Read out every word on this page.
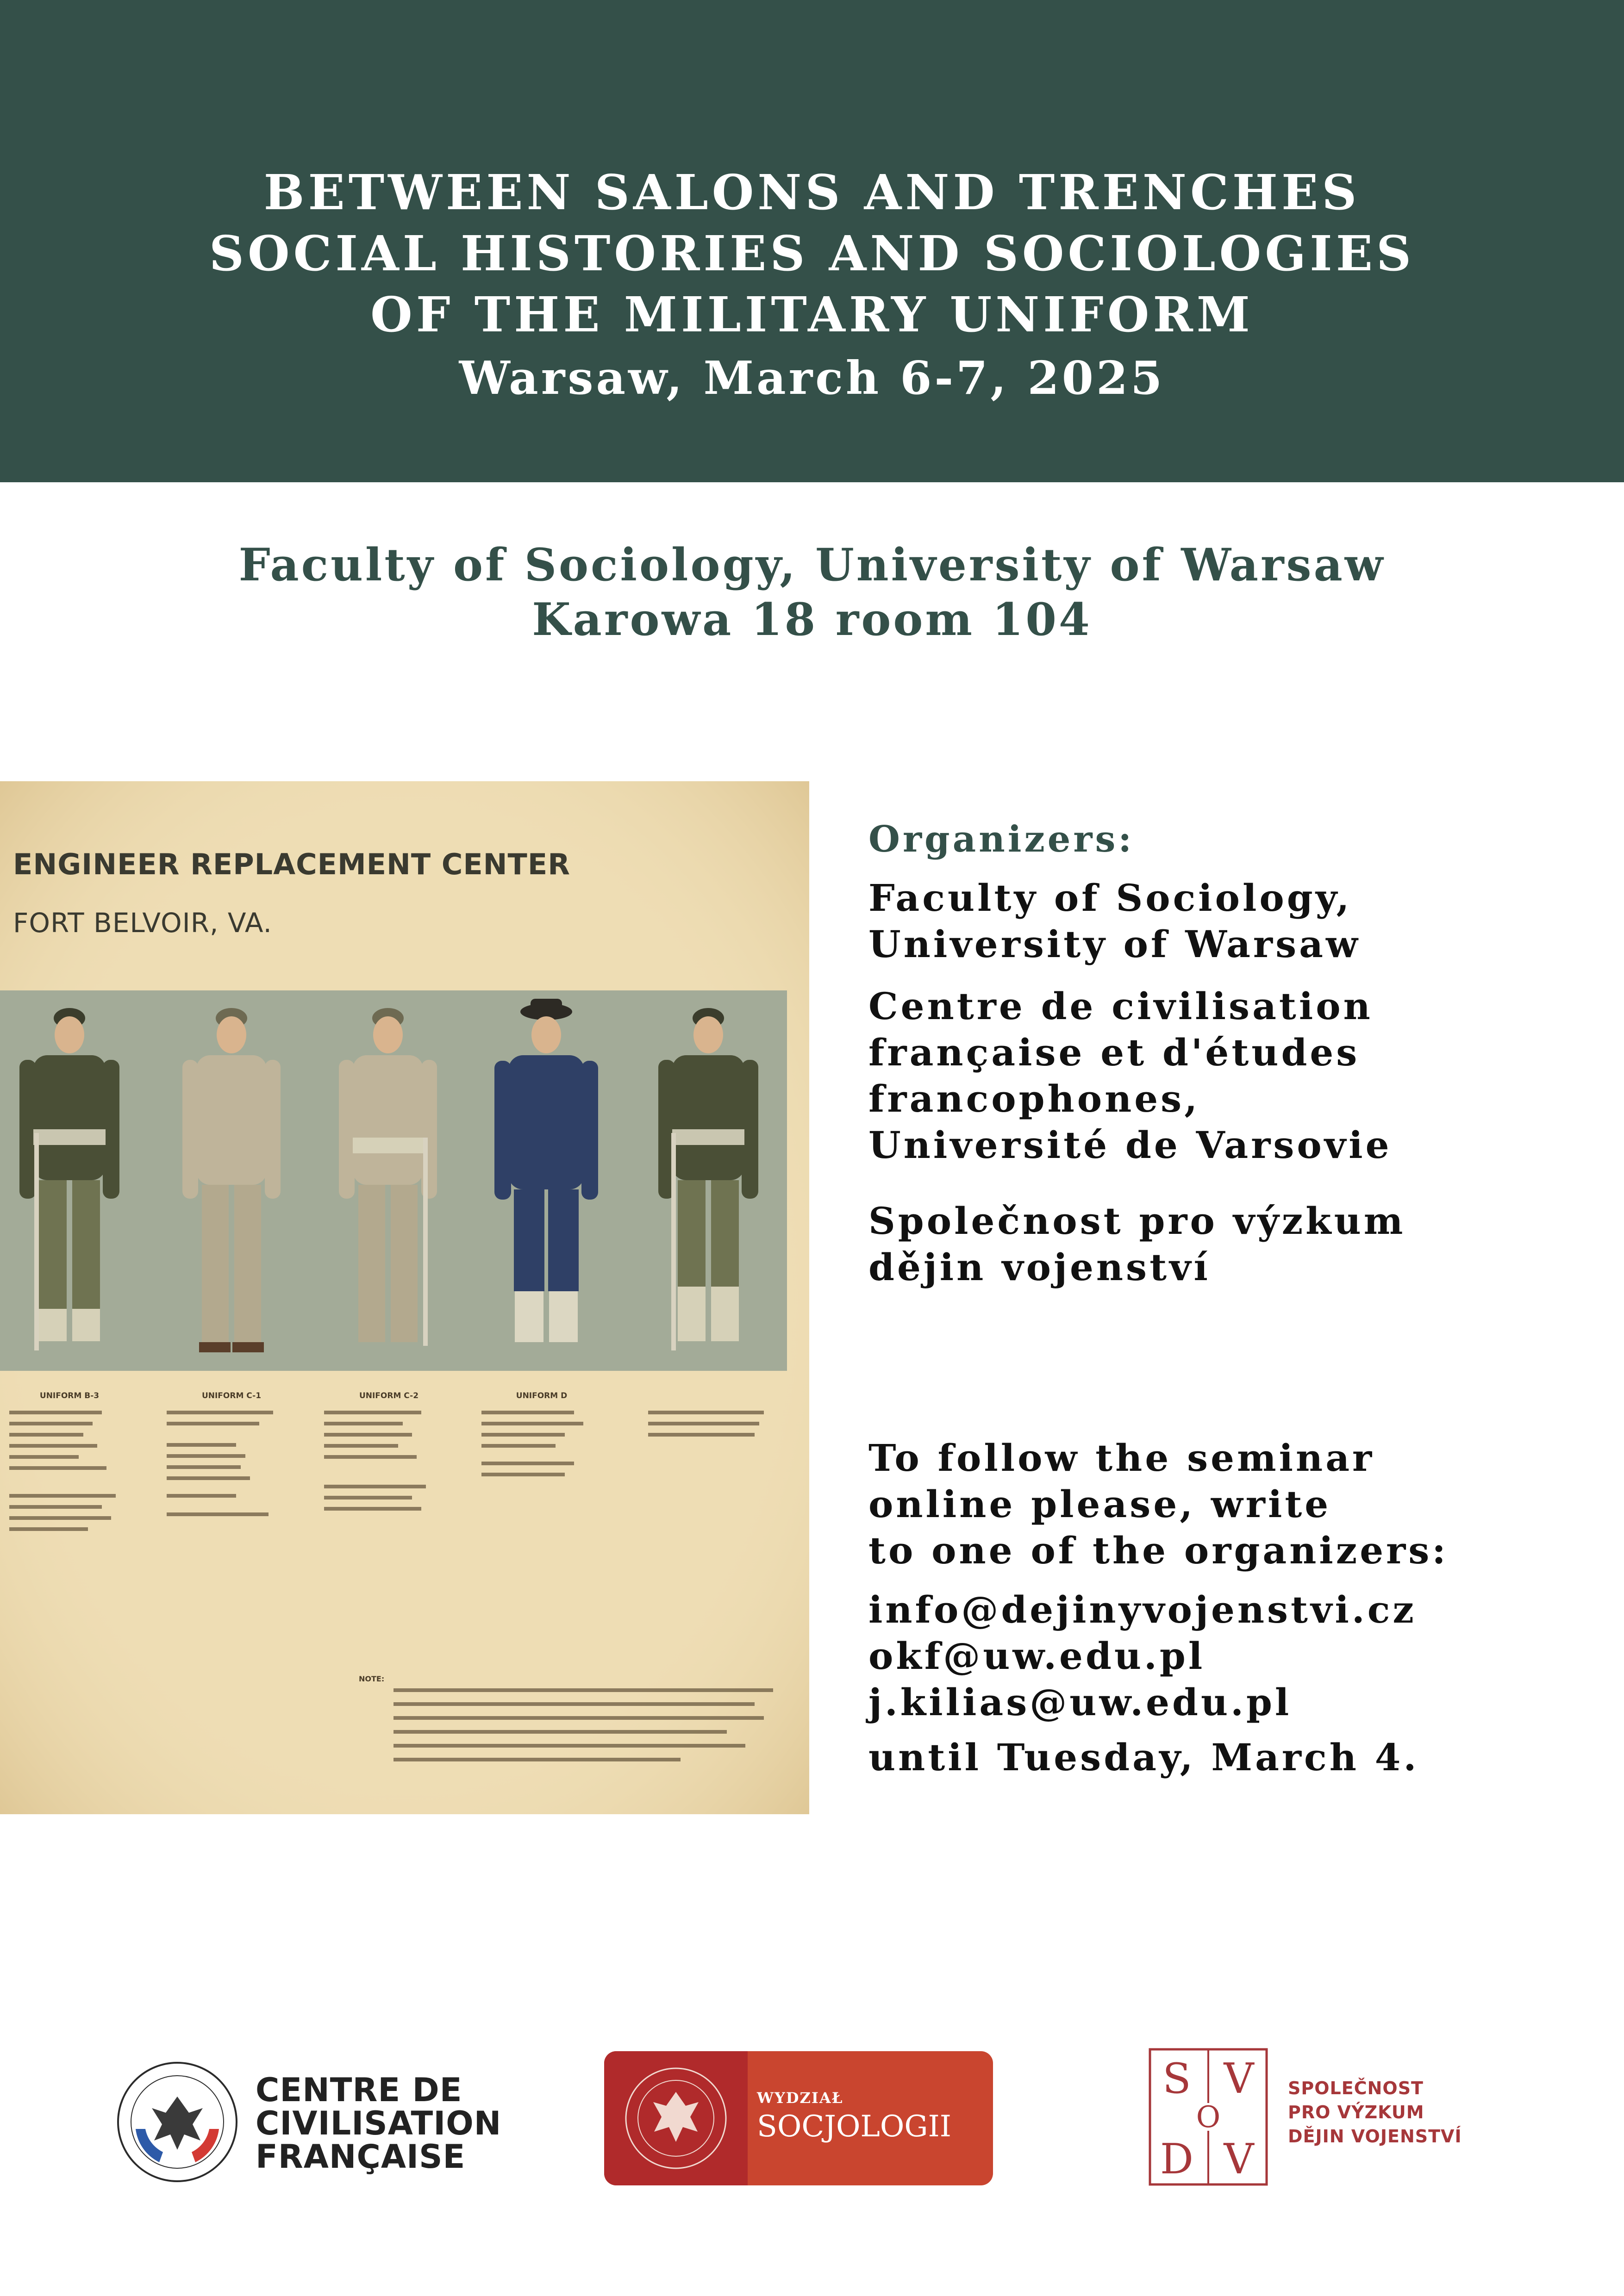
BETWEEN SALONS AND TRENCHES
SOCIAL HISTORIES AND SOCIOLOGIES
OF THE MILITARY UNIFORM
Warsaw, March 6-7, 2025
Faculty of Sociology, University of Warsaw
Karowa 18 room 104
ENGINEER REPLACEMENT CENTER
FORT BELVOIR, VA.
UNIFORM B-3	UNIFORM C-1	UNIFORM C-2	UNIFORM D
NOTE:
Organizers:
Faculty of Sociology,
University of Warsaw
Centre de civilisation
française et d'études
francophones,
Université de Varsovie
Společnost pro výzkum
dějin vojenství
To follow the seminar
online please, write
to one of the organizers:
info@dejinyvojenstvi.cz
okf@uw.edu.pl
j.kilias@uw.edu.pl
until Tuesday, March 4.
CENTRE DE
CIVILISATION
FRANÇAISE
WYDZIAŁ
SOCJOLOGII
S V
O
D V
SPOLEČNOST
PRO VÝZKUM
DĚJIN VOJENSTVÍ
